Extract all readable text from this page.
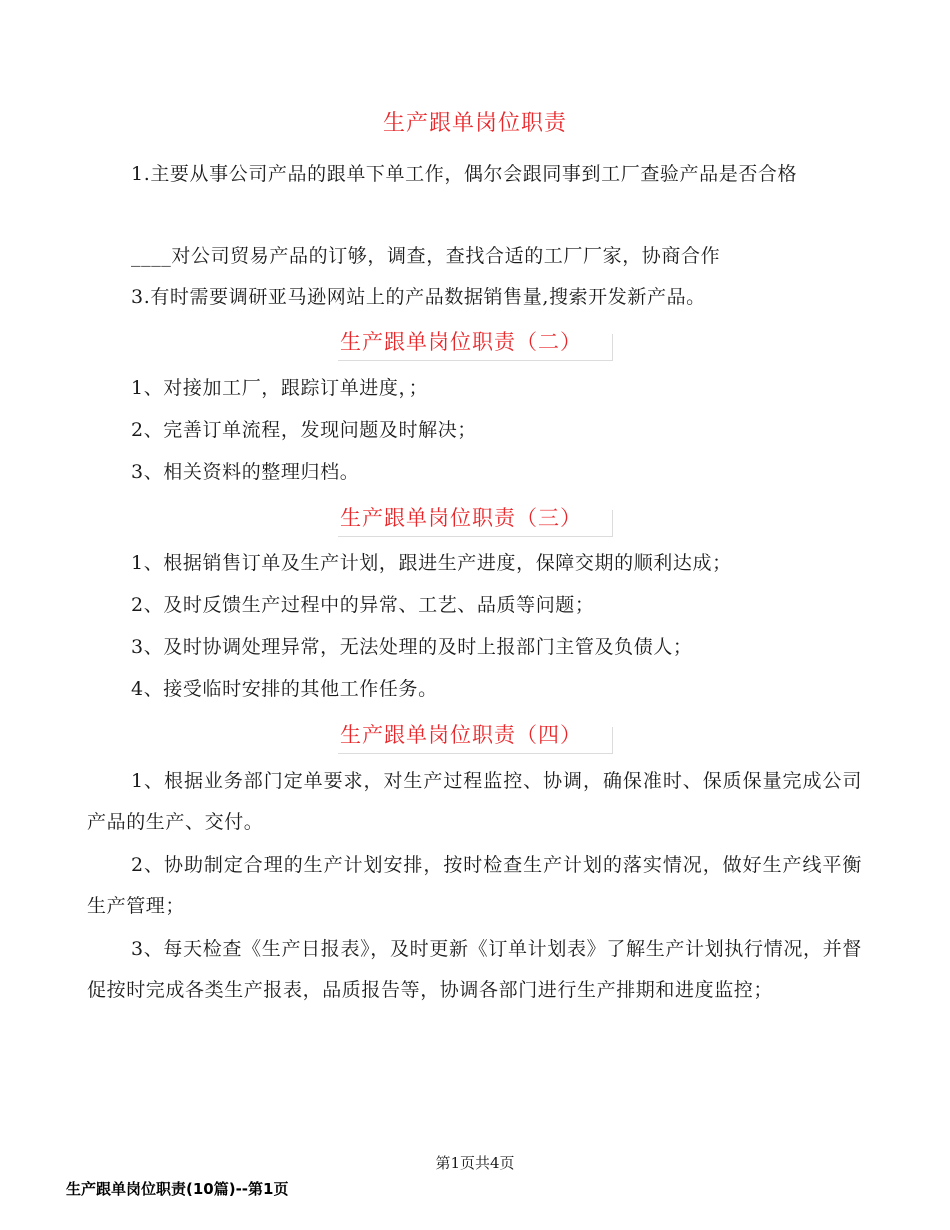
生产跟单岗位职责

1.主要从事公司产品的跟单下单工作，偶尔会跟同事到工厂查验产品是否合格

____对公司贸易产品的订够，调查，查找合适的工厂厂家，协商合作

3.有时需要调研亚马逊网站上的产品数据销售量,搜索开发新产品。

生产跟单岗位职责（二）

1、对接加工厂，跟踪订单进度，；

2、完善订单流程，发现问题及时解决；

3、相关资料的整理归档。

生产跟单岗位职责（三）

1、根据销售订单及生产计划，跟进生产进度，保障交期的顺利达成；

2、及时反馈生产过程中的异常、工艺、品质等问题；

3、及时协调处理异常，无法处理的及时上报部门主管及负债人；

4、接受临时安排的其他工作任务。

生产跟单岗位职责（四）

1、根据业务部门定单要求，对生产过程监控、协调，确保准时、保质保量完成公司产品的生产、交付。

2、协助制定合理的生产计划安排，按时检查生产计划的落实情况，做好生产线平衡生产管理；

3、每天检查《生产日报表》，及时更新《订单计划表》了解生产计划执行情况，并督促按时完成各类生产报表，品质报告等，协调各部门进行生产排期和进度监控；

第1页共4页

生产跟单岗位职责(10篇)--第1页
